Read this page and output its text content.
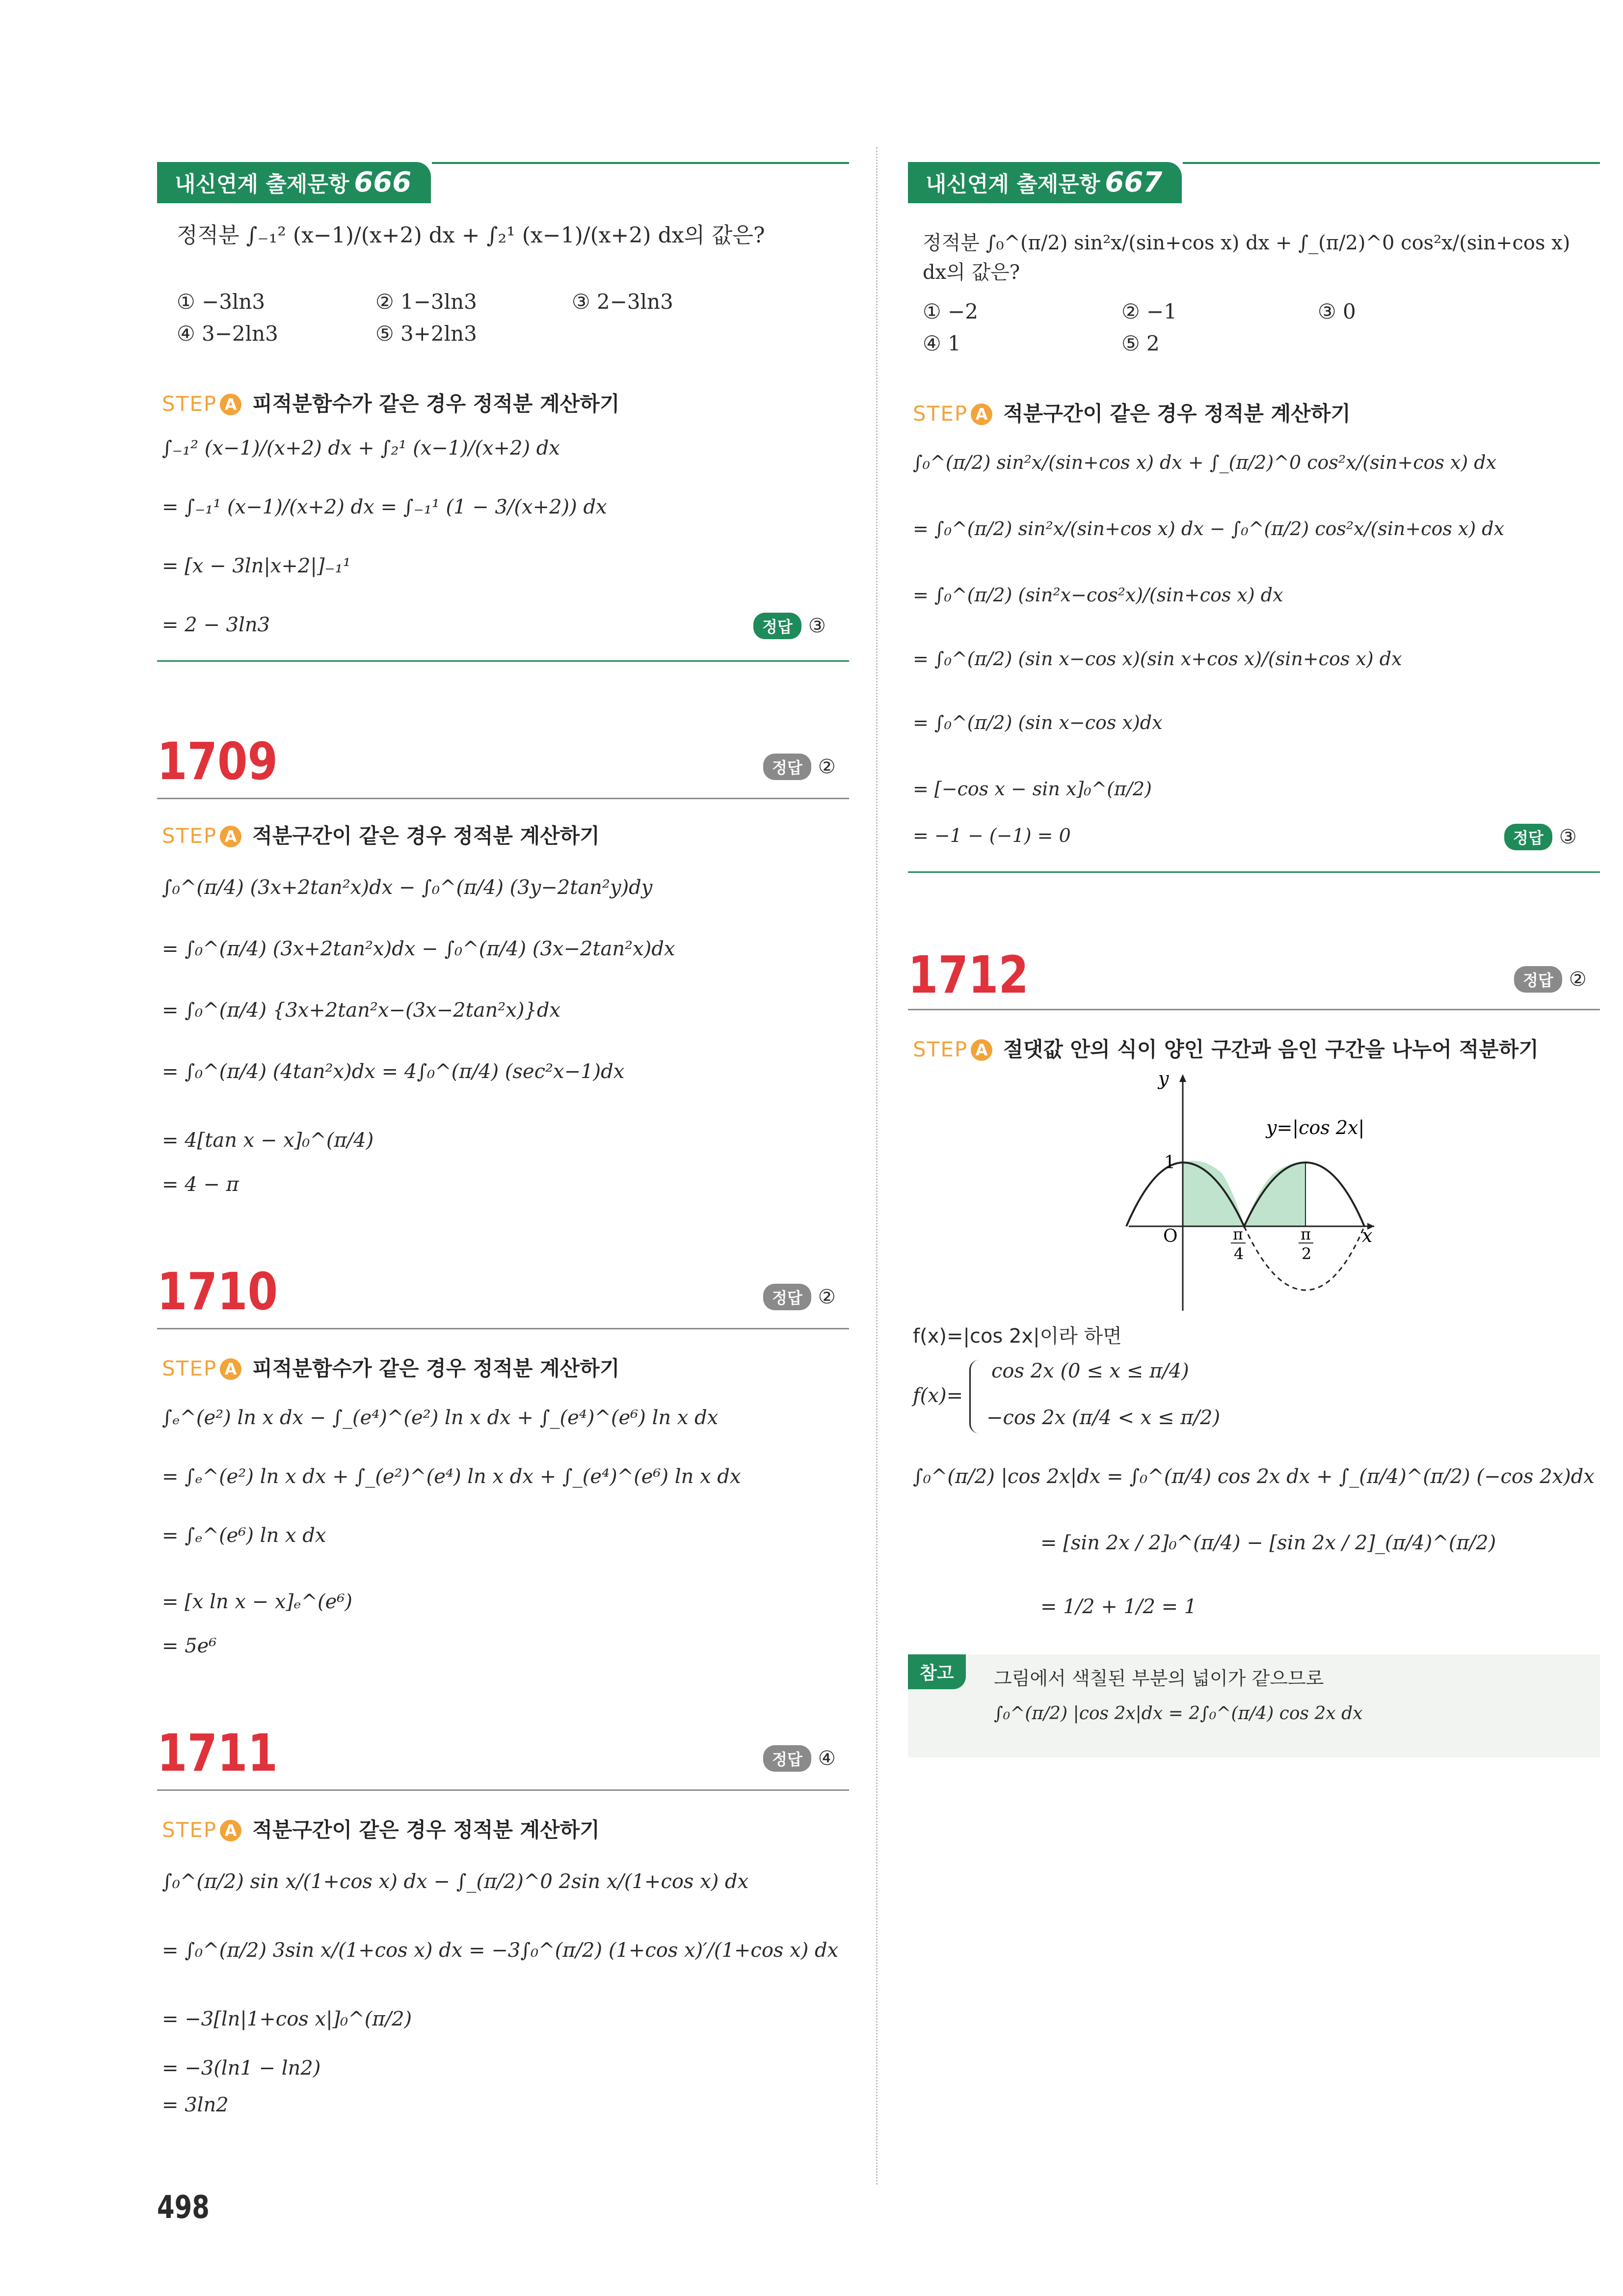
내신연계 출제문항 666
정적분 ∫₋₁² (x−1)/(x+2) dx + ∫₂¹ (x−1)/(x+2) dx의 값은?
① −3ln3	② 1−3ln3	③ 2−3ln3
④ 3−2ln3	⑤ 3+2ln3
STEP A 피적분함수가 같은 경우 정적분 계산하기
∫₋₁² (x−1)/(x+2) dx + ∫₂¹ (x−1)/(x+2) dx
= ∫₋₁¹ (x−1)/(x+2) dx = ∫₋₁¹ (1 − 3/(x+2)) dx
= [x − 3ln|x+2|]₋₁¹
= 2 − 3ln3	정답 ③
1709	정답 ②
STEP A 적분구간이 같은 경우 정적분 계산하기
∫₀^(π/4) (3x+2tan²x)dx − ∫₀^(π/4) (3y−2tan²y)dy
= ∫₀^(π/4) (3x+2tan²x)dx − ∫₀^(π/4) (3x−2tan²x)dx
= ∫₀^(π/4) {3x+2tan²x−(3x−2tan²x)}dx
= ∫₀^(π/4) (4tan²x)dx = 4∫₀^(π/4) (sec²x−1)dx
= 4[tan x − x]₀^(π/4)
= 4 − π
1710	정답 ②
STEP A 피적분함수가 같은 경우 정적분 계산하기
∫ₑ^(e²) ln x dx − ∫_(e⁴)^(e²) ln x dx + ∫_(e⁴)^(e⁶) ln x dx
= ∫ₑ^(e²) ln x dx + ∫_(e²)^(e⁴) ln x dx + ∫_(e⁴)^(e⁶) ln x dx
= ∫ₑ^(e⁶) ln x dx
= [x ln x − x]ₑ^(e⁶)
= 5e⁶
1711	정답 ④
STEP A 적분구간이 같은 경우 정적분 계산하기
∫₀^(π/2) sin x/(1+cos x) dx − ∫_(π/2)^0 2sin x/(1+cos x) dx
= ∫₀^(π/2) 3sin x/(1+cos x) dx = −3∫₀^(π/2) (1+cos x)′/(1+cos x) dx
= −3[ln|1+cos x|]₀^(π/2)
= −3(ln1 − ln2)
= 3ln2
내신연계 출제문항 667
정적분 ∫₀^(π/2) sin²x/(sin+cos x) dx + ∫_(π/2)^0 cos²x/(sin+cos x) dx의 값은?
① −2	② −1	③ 0
④ 1	⑤ 2
STEP A 적분구간이 같은 경우 정적분 계산하기
∫₀^(π/2) sin²x/(sin+cos x) dx + ∫_(π/2)^0 cos²x/(sin+cos x) dx
= ∫₀^(π/2) sin²x/(sin+cos x) dx − ∫₀^(π/2) cos²x/(sin+cos x) dx
= ∫₀^(π/2) (sin²x−cos²x)/(sin+cos x) dx
= ∫₀^(π/2) (sin x−cos x)(sin x+cos x)/(sin+cos x) dx
= ∫₀^(π/2) (sin x−cos x)dx
= [−cos x − sin x]₀^(π/2)
= −1 − (−1) = 0	정답 ③
1712	정답 ②
STEP A 절댓값 안의 식이 양인 구간과 음인 구간을 나누어 적분하기
1
O
y
x
π
4
π
2
y=|cos 2x|
f(x)=|cos 2x|이라 하면
f(x)=
cos 2x (0 ≤ x ≤ π/4)
−cos 2x (π/4 < x ≤ π/2)
∫₀^(π/2) |cos 2x|dx = ∫₀^(π/4) cos 2x dx + ∫_(π/4)^(π/2) (−cos 2x)dx
= [sin 2x / 2]₀^(π/4) − [sin 2x / 2]_(π/4)^(π/2)
= 1/2 + 1/2 = 1
참고	그림에서 색칠된 부분의 넓이가 같으므로
∫₀^(π/2) |cos 2x|dx = 2∫₀^(π/4) cos 2x dx
498
